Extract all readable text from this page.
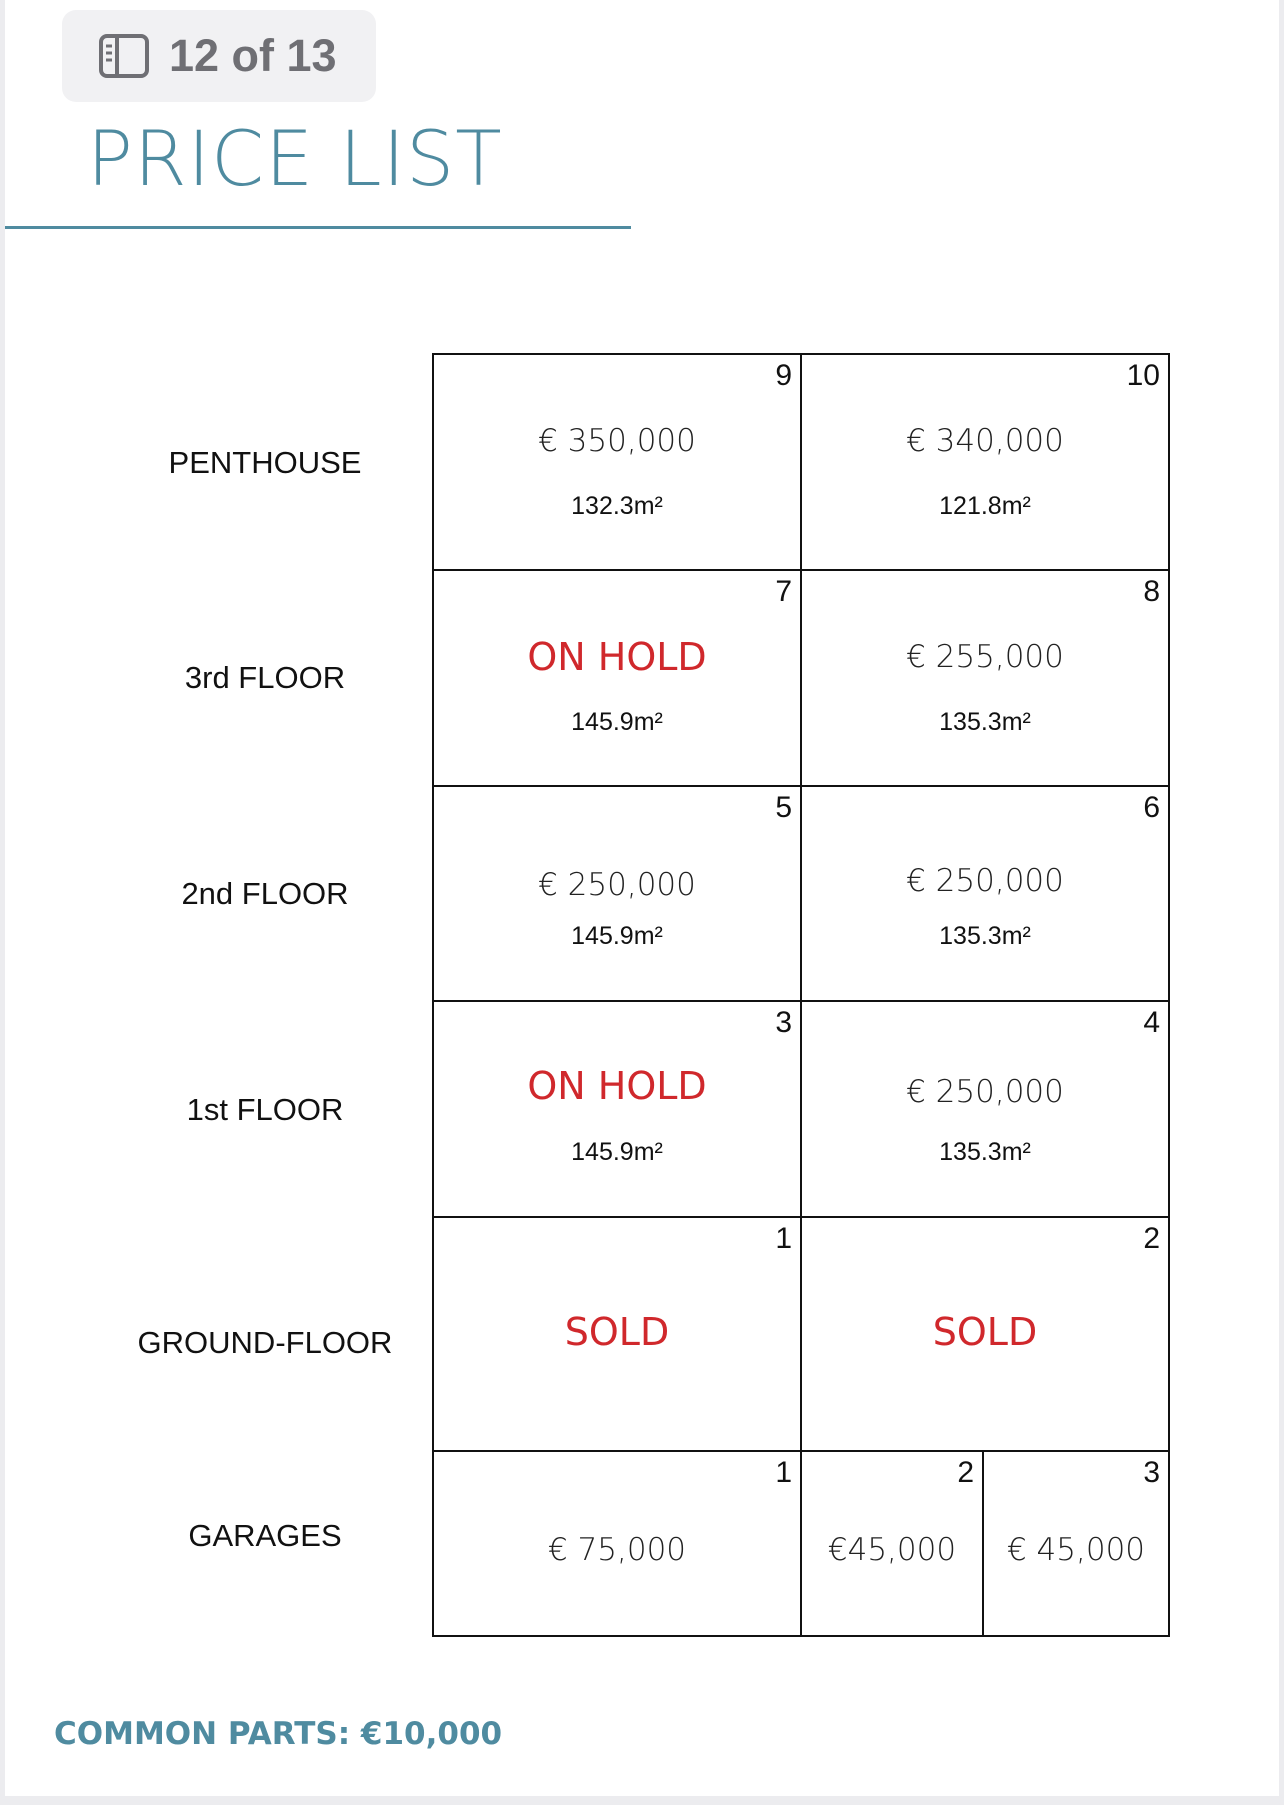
12 of 13
PRICE LIST
PENTHOUSE
3rd FLOOR
2nd FLOOR
1st FLOOR
GROUND-FLOOR
GARAGES
9
€ 350,000
132.3m²
10
€ 340,000
121.8m²
7
ON HOLD
145.9m²
8
€ 255,000
135.3m²
5
€ 250,000
145.9m²
6
€ 250,000
135.3m²
3
ON HOLD
145.9m²
4
€ 250,000
135.3m²
1
SOLD
2
SOLD
1
€ 75,000
2
€45,000
3
€ 45,000
COMMON PARTS: €10,000
